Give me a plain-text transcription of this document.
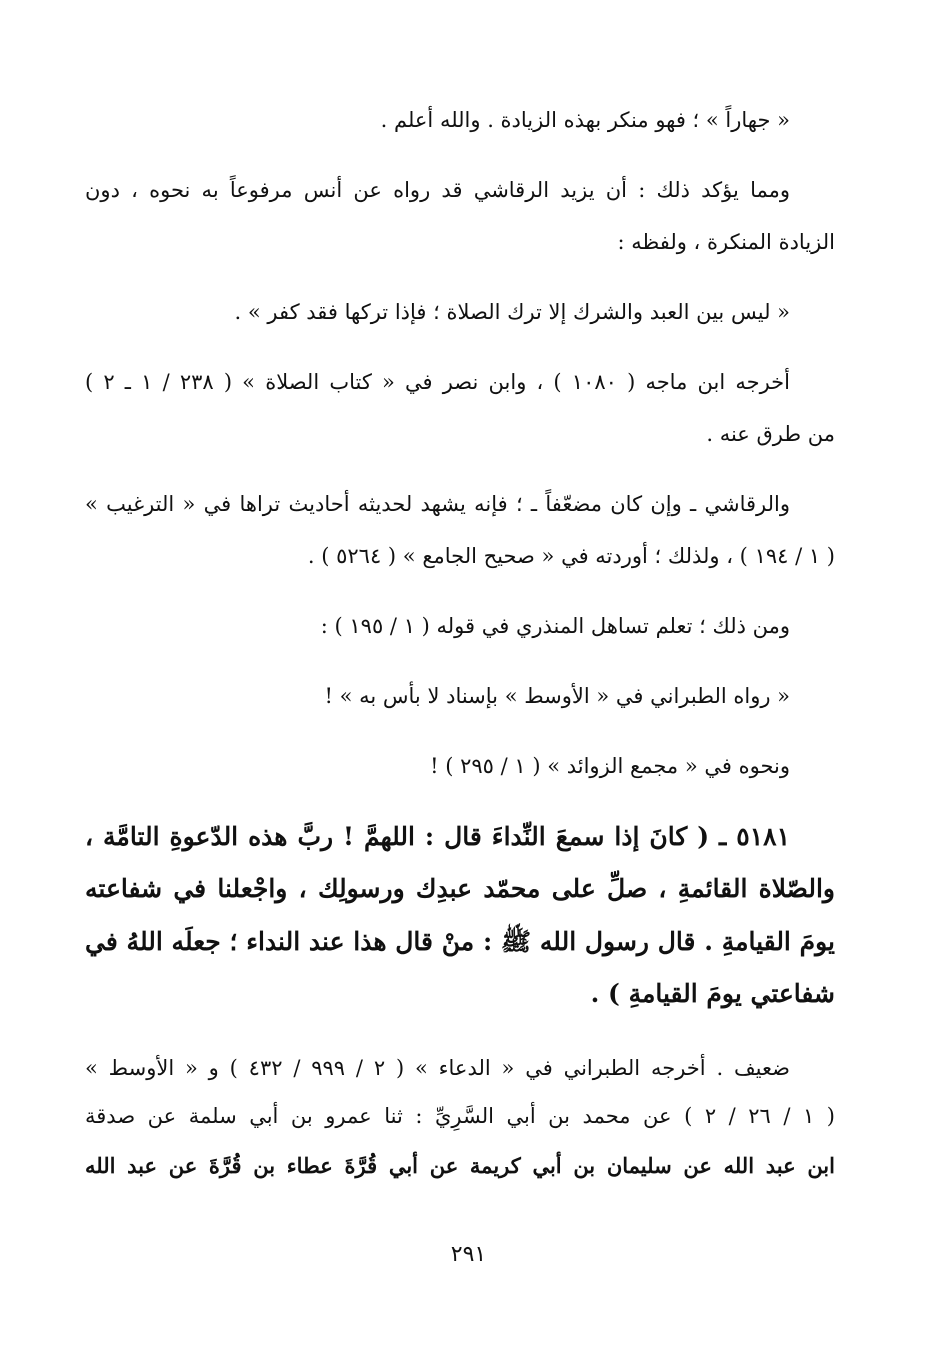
« جهاراً » ؛ فهو منكر بهذه الزيادة . والله أعلم .
ومما يؤكد ذلك : أن يزيد الرقاشي قد رواه عن أنس مرفوعاً به نحوه ، دون
الزيادة المنكرة ، ولفظه :
« ليس بين العبد والشرك إلا ترك الصلاة ؛ فإذا تركها فقد كفر » .
أخرجه ابن ماجه ( ١٠٨٠ ) ، وابن نصر في « كتاب الصلاة » ( ٢٣٨ / ١ ـ ٢ )
من طرق عنه .
والرقاشي ـ وإن كان مضعّفاً ـ ؛ فإنه يشهد لحديثه أحاديث تراها في « الترغيب »
( ١ / ١٩٤ ) ، ولذلك ؛ أوردته في « صحيح الجامع » ( ٥٢٦٤ ) .
ومن ذلك ؛ تعلم تساهل المنذري في قوله ( ١ / ١٩٥ ) :
« رواه الطبراني في « الأوسط » بإسناد لا بأس به » !
ونحوه في « مجمع الزوائد » ( ١ / ٢٩٥ ) !
٥١٨١ ـ ( كانَ إذا سمعَ النِّداءَ قال : اللهمَّ ! ربَّ هذه الدّعوةِ التامَّة ،
والصّلاة القائمةِ ، صلِّ على محمّد عبدِك ورسولِك ، واجْعلنا في شفاعته
يومَ القيامةِ . قال رسول الله ﷺ : منْ قال هذا عند النداء ؛ جعلَه اللهُ في
شفاعتي يومَ القيامةِ ) .
ضعيف . أخرجه الطبراني في « الدعاء » ( ٢ / ٩٩٩ / ٤٣٢ ) و « الأوسط »
( ١ / ٢٦ / ٢ ) عن محمد بن أبي السَّرِيِّ : ثنا عمرو بن أبي سلمة عن صدقة
ابن عبد الله عن سليمان بن أبي كريمة عن أبي قُرَّةَ عطاء بن قُرَّةَ عن عبد الله
٢٩١
